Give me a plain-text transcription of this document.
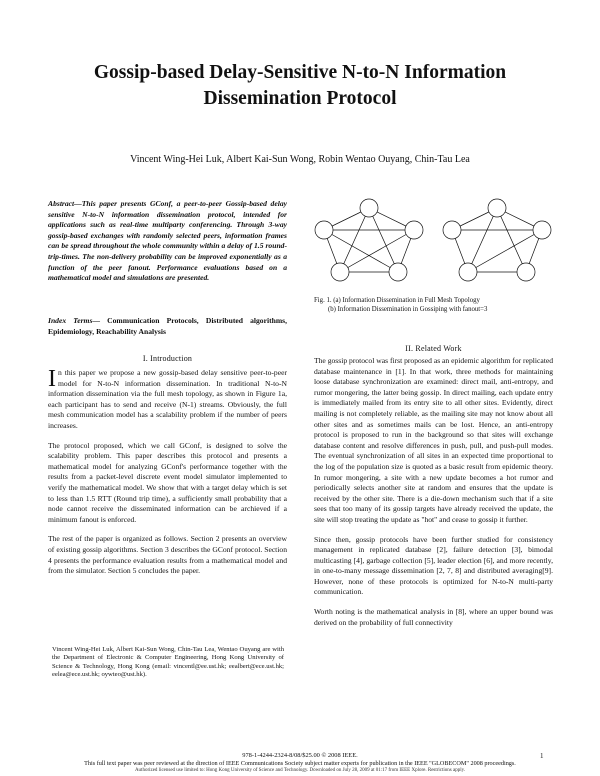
Gossip-based Delay-Sensitive N-to-N Information Dissemination Protocol
Vincent Wing-Hei Luk, Albert Kai-Sun Wong, Robin Wentao Ouyang, Chin-Tau Lea
Abstract—This paper presents GConf, a peer-to-peer Gossip-based delay sensitive N-to-N information dissemination protocol, intended for applications such as real-time multiparty conferencing. Through 3-way gossip-based exchanges with randomly selected peers, information frames can be spread throughout the whole community within a delay of 1.5 round-trip-times. The non-delivery probability can be improved exponentially as a function of the peer fanout. Performance evaluations based on a mathematical model and simulations are presented.
Index Terms— Communication Protocols, Distributed algorithms, Epidemiology, Reachability Analysis
I. Introduction

In this paper we propose a new gossip-based delay sensitive peer-to-peer model for N-to-N information dissemination. In traditional N-to-N information dissemination via the full mesh topology, as shown in Figure 1a, each participant has to send and receive (N-1) streams. Obviously, the full mesh communication model has a scalability problem if the number of peers increases.

The protocol proposed, which we call GConf, is designed to solve the scalability problem. This paper describes this protocol and presents a mathematical model for analyzing GConf's performance together with the results from a packet-level discrete event model simulator implemented to verify the mathematical model. We show that with a target delay which is set to less than 1.5 RTT (Round trip time), a sufficiently small probability that a node cannot receive the disseminated information can be archieved if a minimum fanout is enforced.

The rest of the paper is organized as follows. Section 2 presents an overview of existing gossip algorithms. Section 3 describes the GConf protocol. Section 4 presents the performance evaluation results from a mathematical model and from the simulator. Section 5 concludes the paper.

Vincent Wing-Hei Luk, Albert Kai-Sun Wong, Chin-Tau Lea, Wentao Ouyang are with the Department of Electronic & Computer Engineering, Hong Kong University of Science & Technology, Hong Kong (email: vincentl@ee.ust.hk; eealbert@ece.ust.hk; eelea@ece.ust.hk; oywteo@ust.hk).
Fig. 1. (a) Information Dissemination in Full Mesh Topology
(b) Information Dissemination in Gossiping with fanout=3
II. Related Work

The gossip protocol was first proposed as an epidemic algorithm for replicated database maintenance in [1]. In that work, three methods for maintaining loose database synchronization are examined: direct mail, anti-entropy, and rumor mongering, the latter being gossip. In direct mailing, each update entry is immediately mailed from its entry site to all other sites. Evidently, direct mailing is not completely reliable, as the mailing site may not know about all other sites and as sometimes mails can be lost. Hence, an anti-entropy protocol is proposed to run in the background so that sites will exchange database content and resolve differences in push, pull, and push-pull modes. The eventual synchronization of all sites in an expected time proportional to the log of the population size is quoted as a basic result from epidemic theory. In rumor mongering, a site with a new update becomes a hot rumor and periodically selects another site at random and ensures that the update is received by the other site. There is a die-down mechanism such that if a site sees that too many of its gossip targets have already received the update, the site will stop treating the update as "hot" and cease to gossip it further.

Since then, gossip protocols have been further studied for consistency management in replicated database [2], failure detection [3], bimodal multicasting [4], garbage collection [5], leader election [6], and more recently, in one-to-many message dissemination [2, 7, 8] and distributed averaging[9]. However, none of these protocols is optimized for N-to-N multi-party communication.

Worth noting is the mathematical analysis in [8], where an upper bound was derived on the probability of full connectivity

978-1-4244-2324-8/08/$25.00 © 2008 IEEE.	1
This full text paper was peer reviewed at the direction of IEEE Communications Society subject matter experts for publication in the IEEE "GLOBECOM" 2008 proceedings.
Authorized licensed use limited to: Hong Kong University of Science and Technology. Downloaded on July 28, 2009 at 01:17 from IEEE Xplore. Restrictions apply.
